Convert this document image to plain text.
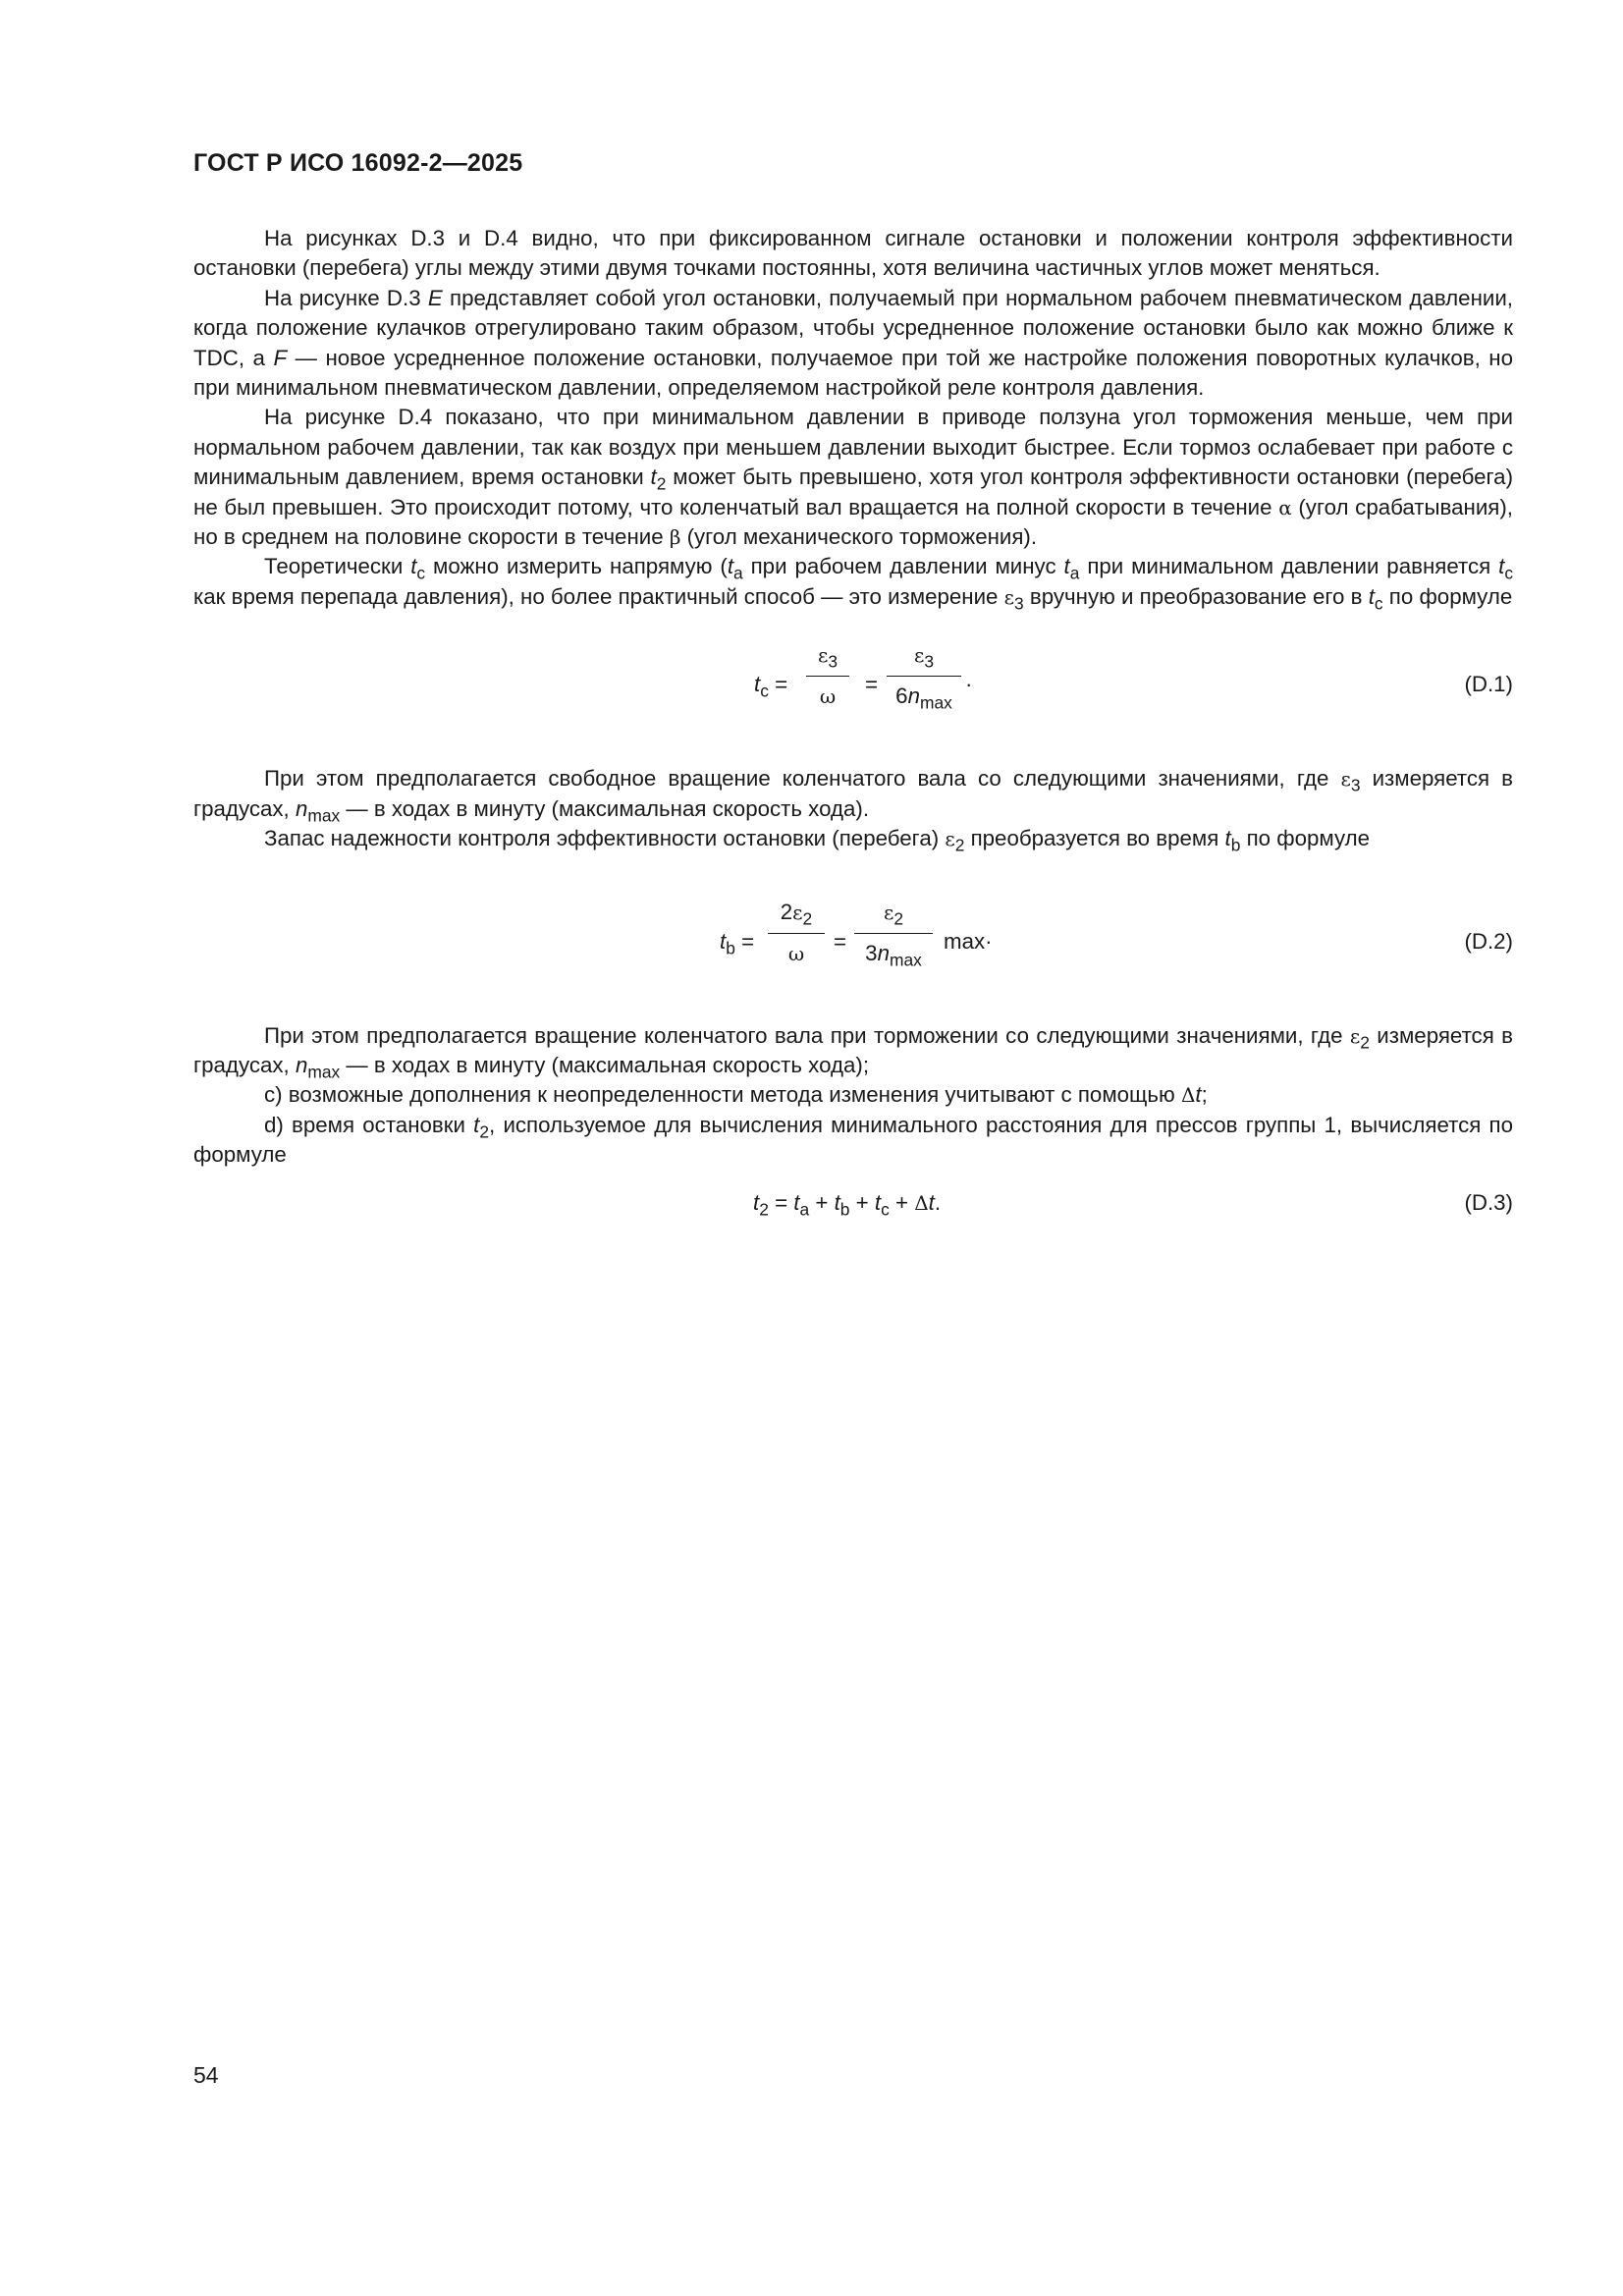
ГОСТ Р ИСО 16092-2—2025

На рисунках D.3 и D.4 видно, что при фиксированном сигнале остановки и положении контроля эффективности остановки (перебега) углы между этими двумя точками постоянны, хотя величина частичных углов может меняться.

На рисунке D.3 E представляет собой угол остановки, получаемый при нормальном рабочем пневматическом давлении, когда положение кулачков отрегулировано таким образом, чтобы усредненное положение остановки было как можно ближе к TDC, а F — новое усредненное положение остановки, получаемое при той же настройке положения поворотных кулачков, но при минимальном пневматическом давлении, определяемом настройкой реле контроля давления.

На рисунке D.4 показано, что при минимальном давлении в приводе ползуна угол торможения меньше, чем при нормальном рабочем давлении, так как воздух при меньшем давлении выходит быстрее. Если тормоз ослабевает при работе с минимальным давлением, время остановки $t_2$ может быть превышено, хотя угол контроля эффективности остановки (перебега) не был превышен. Это происходит потому, что коленчатый вал вращается на полной скорости в течение α (угол срабатывания), но в среднем на половине скорости в течение β (угол механического торможения).

Теоретически $t_c$ можно измерить напрямую ($t_a$ при рабочем давлении минус $t_a$ при минимальном давлении равняется $t_c$ как время перепада давления), но более практичный способ — это измерение $\varepsilon_3$ вручную и преобразование его в $t_c$ по формуле

$t_c$ =
$\varepsilon_3$
ω	=
$\varepsilon_3$
$6n_{max}$
·	(D.1)

При этом предполагается свободное вращение коленчатого вала со следующими значениями, где $\varepsilon_3$ измеряется в градусах, $n_{max}$ — в ходах в минуту (максимальная скорость хода).

Запас надежности контроля эффективности остановки (перебега) $\varepsilon_2$ преобразуется во время $t_b$ по формуле

$t_b$ =
$2\varepsilon_2$
ω	=
$\varepsilon_2$
$3n_{max}$
max·	(D.2)

При этом предполагается вращение коленчатого вала при торможении со следующими значениями, где $\varepsilon_2$ измеряется в градусах, $n_{max}$ — в ходах в минуту (максимальная скорость хода);

c) возможные дополнения к неопределенности метода изменения учитывают с помощью Δt;

d) время остановки $t_2$, используемое для вычисления минимального расстояния для прессов группы 1, вычисляется по формуле

$t_2 = t_a + t_b + t_c + \Delta t$.	(D.3)
54
